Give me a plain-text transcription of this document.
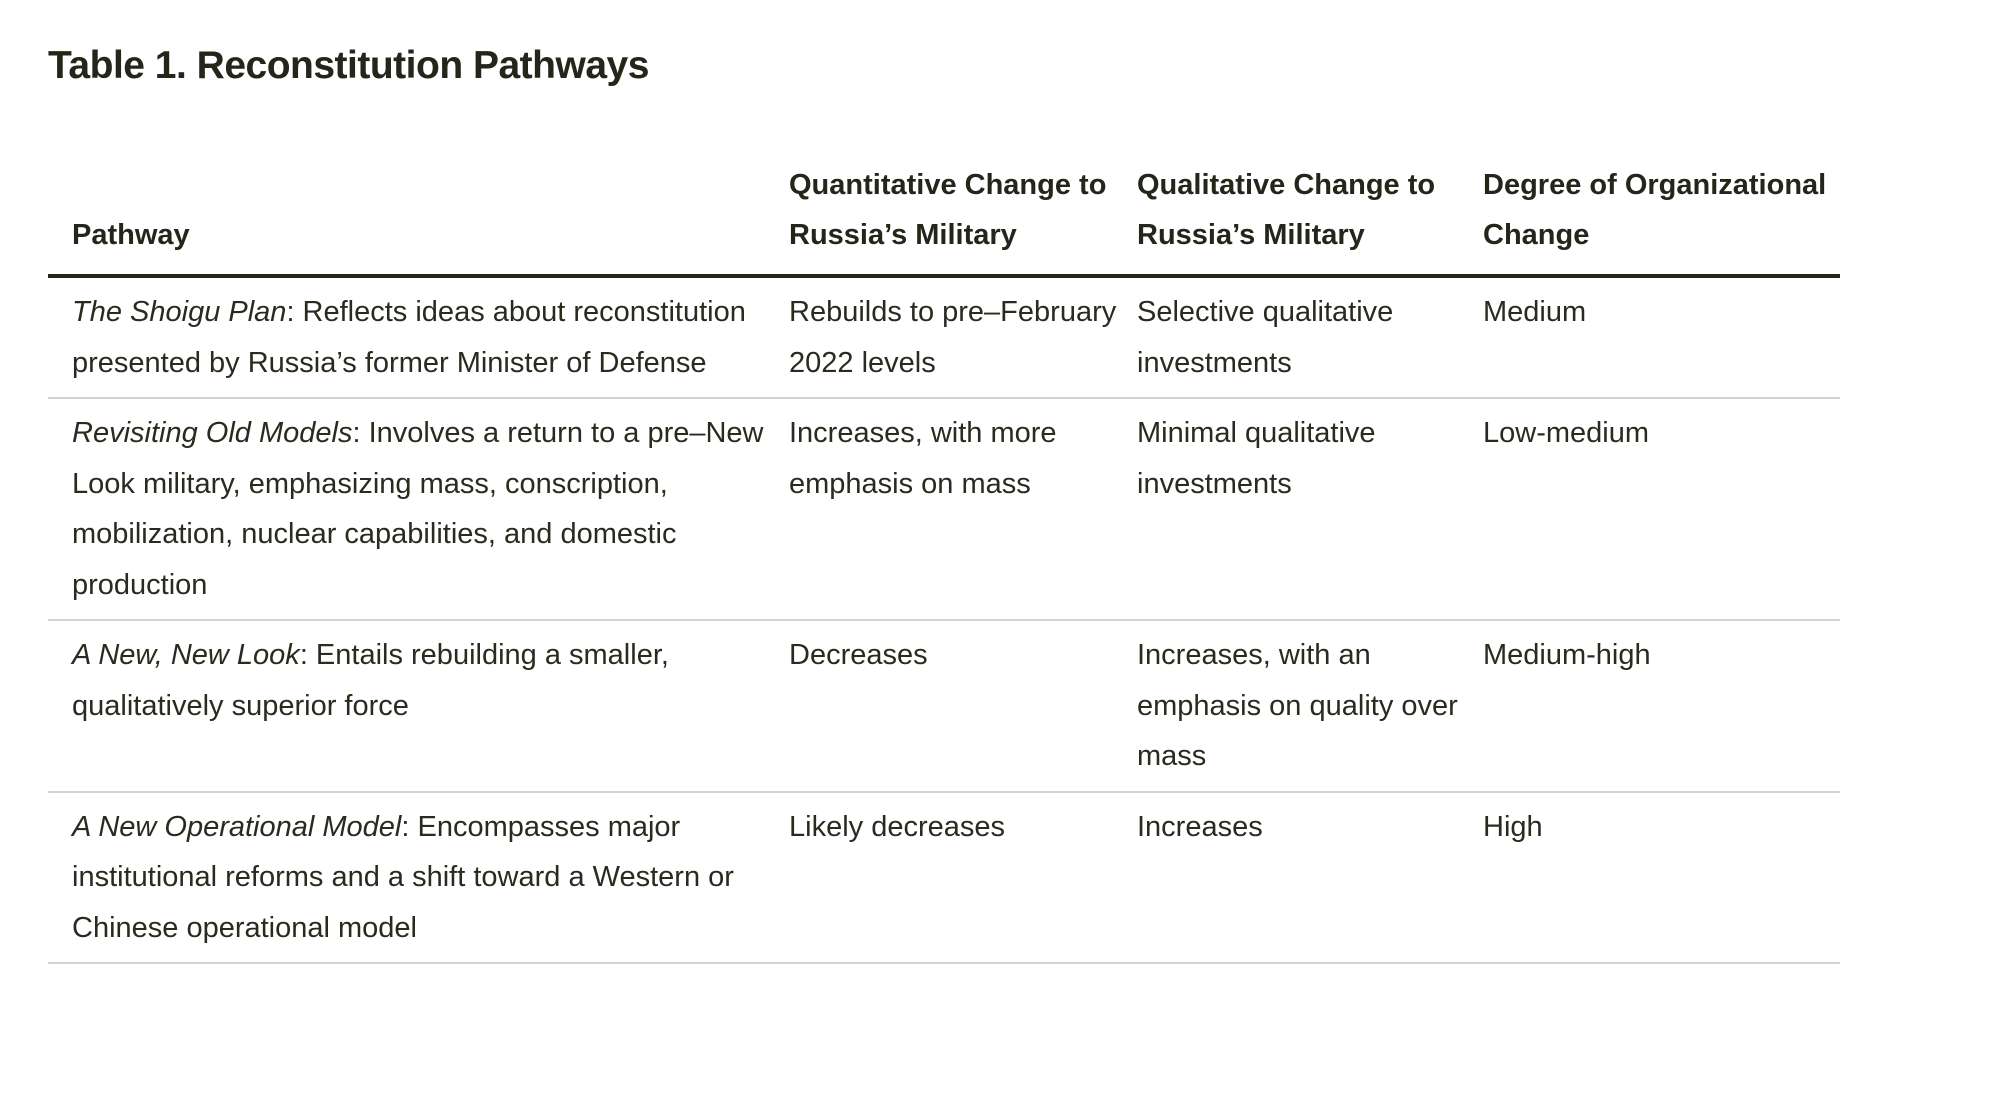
Table 1. Reconstitution Pathways
Pathway	Quantitative Change to Russia’s Military	Qualitative Change to Russia’s Military	Degree of Organizational Change
The Shoigu Plan: Reflects ideas about reconstitution presented by Russia’s former Minister of Defense	Rebuilds to pre–February 2022 levels	Selective qualitative investments	Medium
Revisiting Old Models: Involves a return to a pre–New Look military, emphasizing mass, conscription, mobilization, nuclear capabilities, and domestic production	Increases, with more emphasis on mass	Minimal qualitative investments	Low-medium
A New, New Look: Entails rebuilding a smaller, qualitatively superior force	Decreases	Increases, with an emphasis on quality over mass	Medium-high
A New Operational Model: Encompasses major institutional reforms and a shift toward a Western or Chinese operational model	Likely decreases	Increases	High
